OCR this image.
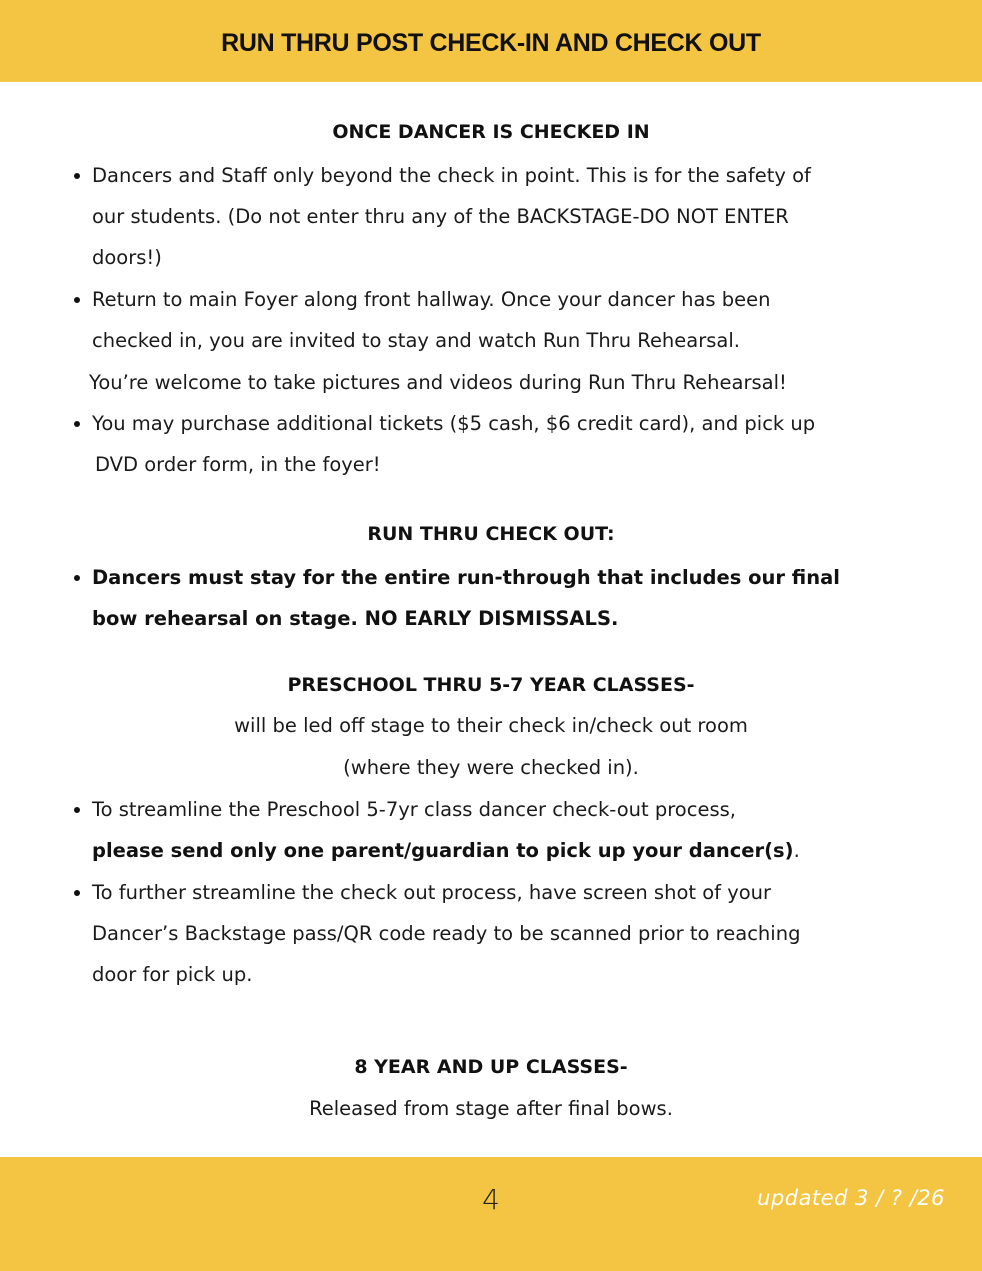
RUN THRU POST CHECK-IN AND CHECK OUT
ONCE DANCER IS CHECKED IN
Dancers and Staff only beyond the check in point. This is for the safety of
our students. (Do not enter thru any of the BACKSTAGE-DO NOT ENTER
doors!)
Return to main Foyer along front hallway. Once your dancer has been
checked in, you are invited to stay and watch Run Thru Rehearsal.
You’re welcome to take pictures and videos during Run Thru Rehearsal!
You may purchase additional tickets ($5 cash, $6 credit card), and pick up
DVD order form, in the foyer!
RUN THRU CHECK OUT:
Dancers must stay for the entire run-through that includes our final
bow rehearsal on stage. NO EARLY DISMISSALS.
PRESCHOOL THRU 5-7 YEAR CLASSES-
will be led off stage to their check in/check out room
(where they were checked in).
To streamline the Preschool 5-7yr class dancer check-out process,
please send only one parent/guardian to pick up your dancer(s).
To further streamline the check out process, have screen shot of your
Dancer’s Backstage pass/QR code ready to be scanned prior to reaching
door for pick up.
8 YEAR AND UP CLASSES-
Released from stage after final bows.
4	updated 3 / ? /26
